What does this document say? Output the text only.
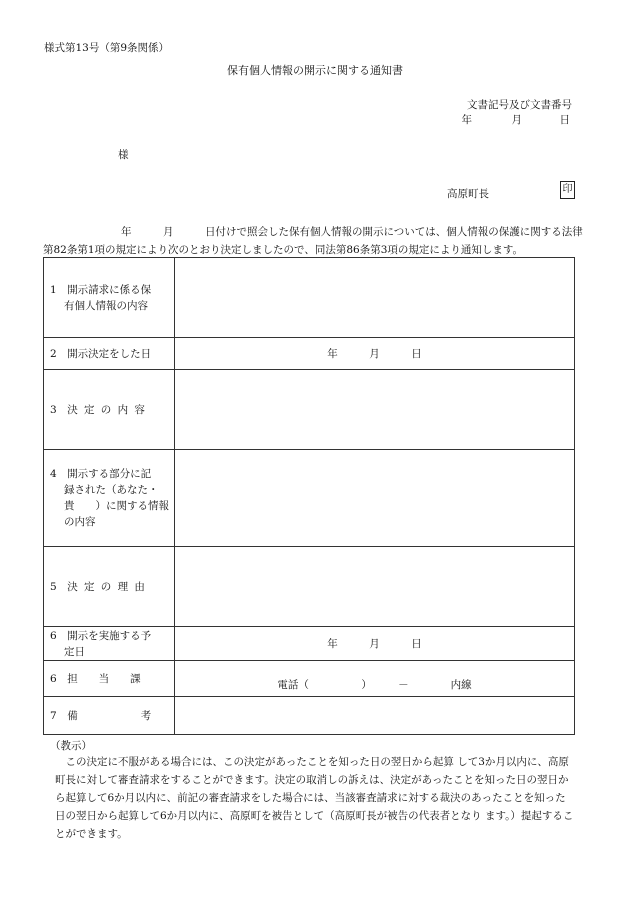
様式第13号（第9条関係）
保有個人情報の開示に関する通知書
文書記号及び文書番号
年	月	日
様
高原町長	印
年　　　月　　　日付けで照会した保有個人情報の開示については、個人情報の保護に関する法律
第82条第1項の規定により次のとおり決定しましたので、同法第86条第3項の規定により通知します。
1　 開示請求に係る保

有個人情報の内容	

2　 開示決定をした日	年　　　月　　　日
3　 決定の内容	
4　 開示する部分に記

録された（あなた・
貴　　）に関する情報
の内容	

5　 決定の理由	
6　 開示を実施する予

定日	年　　　月　　　日
6　 担　　当　　課	電話（　　　　　）　　　－　　　　内線
7　 備　　　　　　考	
（教示）
この決定に不服がある場合には、この決定があったことを知った日の翌日から起算 して3か月以内に、高原町長に対して審査請求をすることができます。決定の取消しの訴えは、決定があったことを知った日の翌日から起算して6か月以内に、前記の審査請求をした場合には、当該審査請求に対する裁決のあったことを知った日の翌日から起算して6か月以内に、高原町を被告として（高原町長が被告の代表者となり ます。）提起することができます。
